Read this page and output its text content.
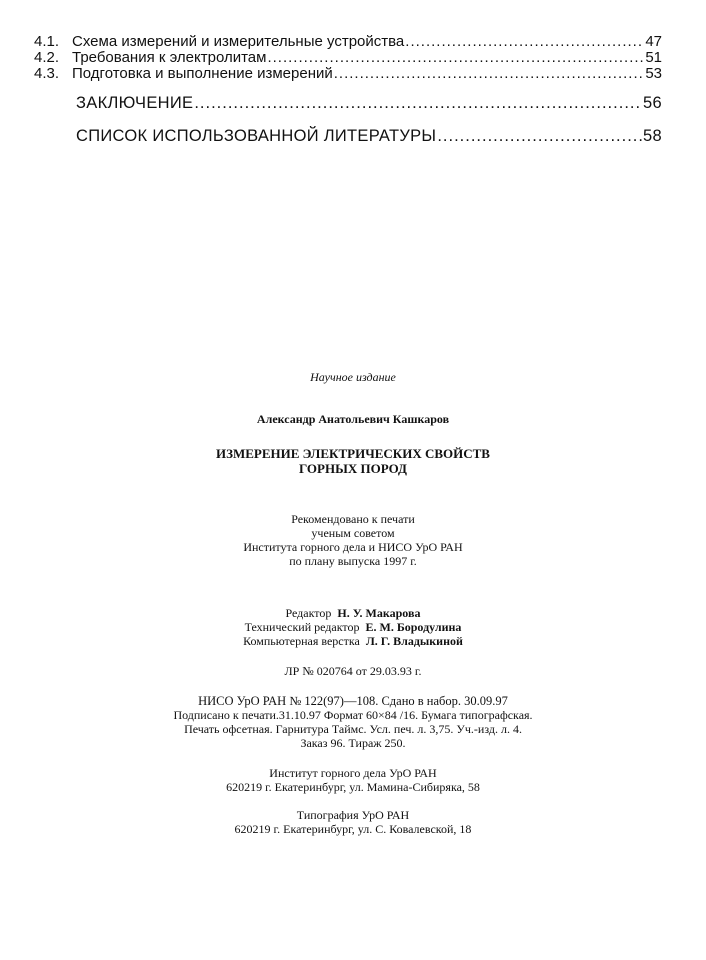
4.1. Схема измерений и измерительные устройства .....	47
4.2. Требования к электролитам .....	51
4.3. Подготовка и выполнение измерений .....	53
ЗАКЛЮЧЕНИЕ .....	56
СПИСОК ИСПОЛЬЗОВАННОЙ ЛИТЕРАТУРЫ .....	58
Научное издание
Александр Анатольевич Кашкаров
ИЗМЕРЕНИЕ ЭЛЕКТРИЧЕСКИХ СВОЙСТВ
ГОРНЫХ ПОРОД
Рекомендовано к печати
ученым советом
Института горного дела и НИСО УрО РАН
по плану выпуска 1997 г.
Редактор Н. У. Макарова
Технический редактор Е. М. Бородулина
Компьютерная верстка Л. Г. Владыкиной
ЛР № 020764 от 29.03.93 г.
НИСО УрО РАН № 122(97)—108. Сдано в набор. 30.09.97
Подписано к печати.31.10.97 Формат 60×84 /16. Бумага типографская.
Печать офсетная. Гарнитура Таймс. Усл. печ. л. 3,75. Уч.-изд. л. 4.
Заказ 96. Тираж 250.
Институт горного дела УрО РАН
620219 г. Екатеринбург, ул. Мамина-Сибиряка, 58
Типография УрО РАН
620219 г. Екатеринбург, ул. С. Ковалевской, 18
